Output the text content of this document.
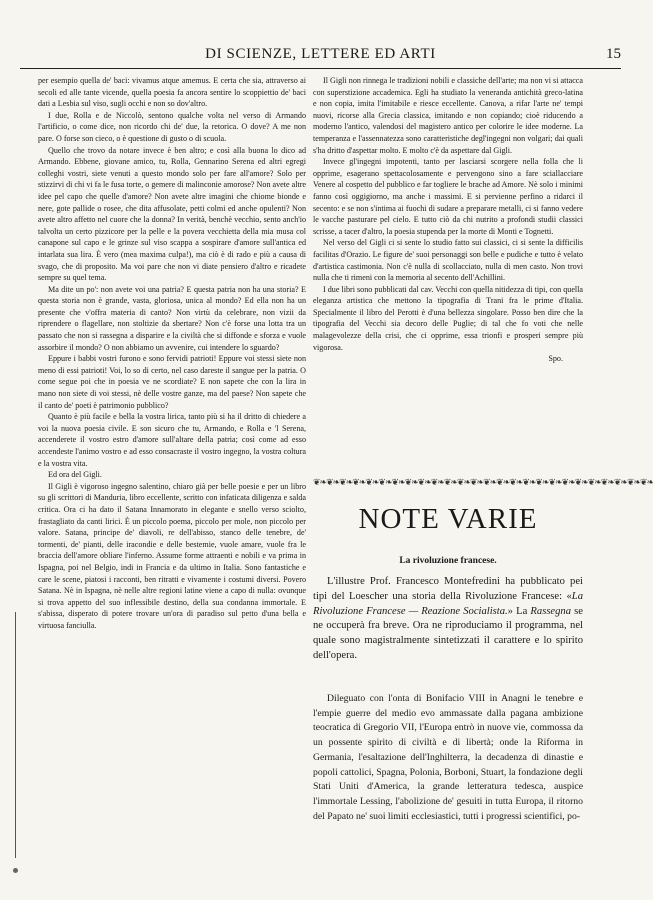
DI SCIENZE, LETTERE ED ARTI	15

per esempio quella de' baci: vivamus atque amemus. E certa che sia, attraverso ai secoli ed alle tante vicende, quella poesia fa ancora sentire lo scoppiettio de' baci dati a Lesbia sul viso, sugli occhi e non so dov'altro.

I due, Rolla e de Niccolò, sentono qualche volta nel verso di Armando l'artificio, o come dice, non ricordo chi de' due, la retorica. O dove? A me non pare. O forse son cieco, o è questione di gusto o di scuola.

Quello che trovo da notare invece è ben altro; e così alla buona lo dico ad Armando. Ebbene, giovane amico, tu, Rolla, Gennarino Serena ed altri egregi colleghi vostri, siete venuti a questo mondo solo per fare all'amore? Solo per stizzirvi di chi vi fa le fusa torte, o gemere di malinconie amorose? Non avete altre idee pel capo che quelle d'amore? Non avete altre imagini che chiome bionde e nere, gote pallide o rosee, che dita affusolate, petti colmi ed anche opulenti? Non avete altro affetto nel cuore che la donna? In verità, benchè vecchio, sento anch'io talvolta un certo pizzicore per la pelle e la povera vecchietta della mia musa col canapone sul capo e le grinze sul viso scappa a sospirare d'amore sull'antica ed intarlata sua lira. È vero (mea maxima culpa!), ma ciò è di rado e più a causa di svago, che di proposito. Ma voi pare che non vi diate pensiero d'altro e ricadete sempre su quel tema.

Ma dite un po': non avete voi una patria? E questa patria non ha una storia? E questa storia non è grande, vasta, gloriosa, unica al mondo? Ed ella non ha un presente che v'offra materia di canto? Non virtù da celebrare, non vizii da riprendere o flagellare, non stoltizie da sbertare? Non c'è forse una lotta tra un passato che non si rassegna a disparire e la civiltà che si diffonde e sforza e vuole assorbire il mondo? O non abbiamo un avvenire, cui intendere lo sguardo?

Eppure i babbi vostri furono e sono fervidi patrioti! Eppure voi stessi siete non meno di essi patrioti! Voi, lo so di certo, nel caso dareste il sangue per la patria. O come segue poi che in poesia ve ne scordiate? E non sapete che con la lira in mano non siete di voi stessi, nè delle vostre ganze, ma del paese? Non sapete che il canto de' poeti è patrimonio pubblico?

Quanto è più facile e bella la vostra lirica, tanto più si ha il dritto di chiedere a voi la nuova poesia civile. E son sicuro che tu, Armando, e Rolla e 'l Serena, accenderete il vostro estro d'amore sull'altare della patria; così come ad esso accendeste l'animo vostro e ad esso consacraste il vostro ingegno, la vostra coltura e la vostra vita.

Ed ora del Gigli.

Il Gigli è vigoroso ingegno salentino, chiaro già per belle poesie e per un libro su gli scrittori di Manduria, libro eccellente, scritto con infaticata diligenza e salda critica. Ora ci ha dato il Satana Innamorato in elegante e snello verso sciolto, frastagliato da canti lirici. È un piccolo poema, piccolo per mole, non piccolo per valore. Satana, principe de' diavoli, re dell'abisso, stanco delle tenebre, de' tormenti, de' pianti, delle iracondie e delle bestemie, vuole amare, vuole fra le braccia dell'amore obliare l'inferno. Assume forme attraenti e nobili e va prima in Ispagna, poi nel Belgio, indi in Francia e da ultimo in Italia. Sono fantastiche e care le scene, piatosi i racconti, ben ritratti e vivamente i costumi diversi. Povero Satana. Nè in Ispagna, nè nelle altre regioni latine viene a capo di nulla: ovunque si trova appetto del suo inflessibile destino, della sua condanna immortale. E s'abissa, disperato di potere trovare un'ora di paradiso sul petto d'una bella e virtuosa fanciulla.

Il Gigli non rinnega le tradizioni nobili e classiche dell'arte; ma non vi si attacca con superstizione accademica. Egli ha studiato la veneranda antichità greco-latina e non copia, imita l'imitabile e riesce eccellente. Canova, a rifar l'arte ne' tempi nuovi, ricorse alla Grecia classica, imitando e non copiando; cioè riducendo a moderno l'antico, valendosi del magistero antico per colorire le idee moderne. La temperanza e l'assennatezza sono caratteristiche degl'ingegni non volgari; dai quali s'ha dritto d'aspettar molto. E molto c'è da aspettare dal Gigli.

Invece gl'ingegni impotenti, tanto per lasciarsi scorgere nella folla che li opprime, esagerano spettacolosamente e pervengono sino a fare sciallacciare Venere al cospetto del pubblico e far togliere le brache ad Amore. Nè solo i minimi fanno così oggigiorno, ma anche i massimi. E si pervienne perfino a ridarci il secento: e se non s'intima ai fuochi di sudare a preparare metalli, ci si fanno vedere le vacche pasturare pel cielo. E tutto ciò da chi nutrito a profondi studii classici scrisse, a tacer d'altro, la poesia stupenda per la morte di Monti e Tognetti.

Nel verso del Gigli ci si sente lo studio fatto sui classici, ci si sente la difficilis facilitas d'Orazio. Le figure de' suoi personaggi son belle e pudiche e tutto è velato d'artistica castimonia. Non c'è nulla di scollacciato, nulla di men casto. Non trovi nulla che ti rimeni con la memoria al secento dell'Achillini.

I due libri sono pubblicati dal cav. Vecchi con quella nitidezza di tipi, con quella eleganza artistica che mettono la tipografia di Trani fra le prime d'Italia. Specialmente il libro del Perotti è d'una bellezza singolare. Posso ben dire che la tipografia del Vecchi sia decoro delle Puglie; di tal che fo voti che nelle malagevolezze della crisi, che ci opprime, essa trionfi e prosperi sempre più vigorosa.

Spo.

❦❧❦❧❦❧❦❧❦❧❦❧❦❧❦❧❦❧❦❧❦❧❦❧❦❧❦❧❦❧❦❧❦❧❦❧❦❧❦❧❦❧❦❧❦❧❦❧❦❧❦❧
NOTE VARIE
La rivoluzione francese.

L'illustre Prof. Francesco Montefredini ha pubblicato pei tipi del Loescher una storia della Rivoluzione Francese: «La Rivoluzione Francese — Reazione Socialista.» La Rassegna se ne occuperà fra breve. Ora ne riproduciamo il programma, nel quale sono magistralmente sintetizzati il carattere e lo spirito dell'opera.

Dileguato con l'onta di Bonifacio VIII in Anagni le tenebre e l'empie guerre del medio evo ammassate dalla pagana ambizione teocratica di Gregorio VII, l'Europa entrò in nuove vie, commossa da un possente spirito di civiltà e di libertà; onde la Riforma in Germania, l'esaltazione dell'Inghilterra, la decadenza di dinastie e popoli cattolici, Spagna, Polonia, Borboni, Stuart, la fondazione degli Stati Uniti d'America, la grande letteratura tedesca, auspice l'immortale Lessing, l'abolizione de' gesuiti in tutta Europa, il ritorno del Papato ne' suoi limiti ecclesiastici, tutti i progressi scientifici, po-
